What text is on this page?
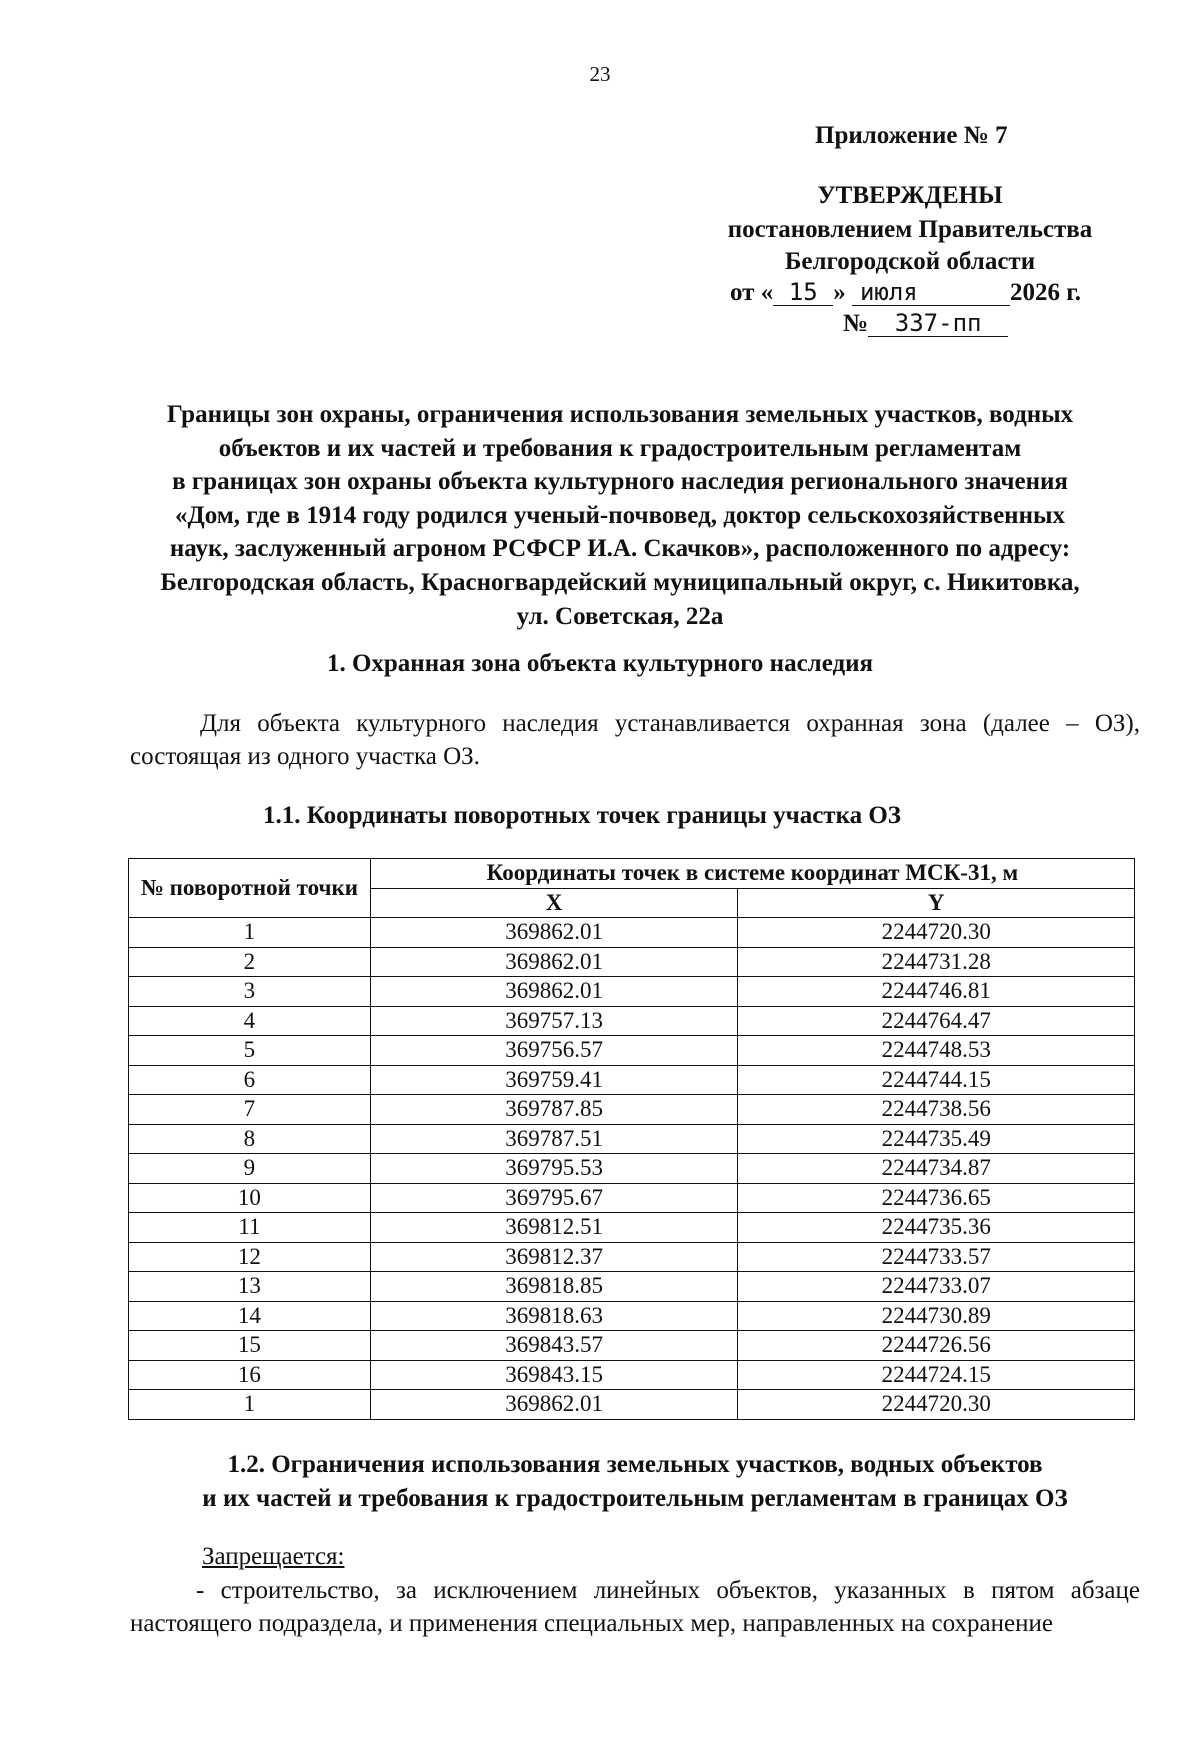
23
Приложение № 7
УТВЕРЖДЕНЫ
постановлением Правительства
Белгородской области
от « 15 » июля	2026 г.
№ 337-пп
Границы зон охраны, ограничения использования земельных участков, водных
объектов и их частей и требования к градостроительным регламентам
в границах зон охраны объекта культурного наследия регионального значения
«Дом, где в 1914 году родился ученый-почвовед, доктор сельскохозяйственных
наук, заслуженный агроном РСФСР И.А. Скачков», расположенного по адресу:
Белгородская область, Красногвардейский муниципальный округ, с. Никитовка,
ул. Советская, 22а
1. Охранная зона объекта культурного наследия
Для объекта культурного наследия устанавливается охранная зона (далее – ОЗ), состоящая из одного участка ОЗ.
1.1. Координаты поворотных точек границы участка ОЗ
№ поворотной точки	Координаты точек в системе координат МСК-31, м	
	X	Y
1	369862.01	2244720.30
2	369862.01	2244731.28
3	369862.01	2244746.81
4	369757.13	2244764.47
5	369756.57	2244748.53
6	369759.41	2244744.15
7	369787.85	2244738.56
8	369787.51	2244735.49
9	369795.53	2244734.87
10	369795.67	2244736.65
11	369812.51	2244735.36
12	369812.37	2244733.57
13	369818.85	2244733.07
14	369818.63	2244730.89
15	369843.57	2244726.56
16	369843.15	2244724.15
1	369862.01	2244720.30
1.2. Ограничения использования земельных участков, водных объектов
и их частей и требования к градостроительным регламентам в границах ОЗ
Запрещается:
- строительство, за исключением линейных объектов, указанных в пятом абзаце настоящего подраздела, и применения специальных мер, направленных на сохранение
